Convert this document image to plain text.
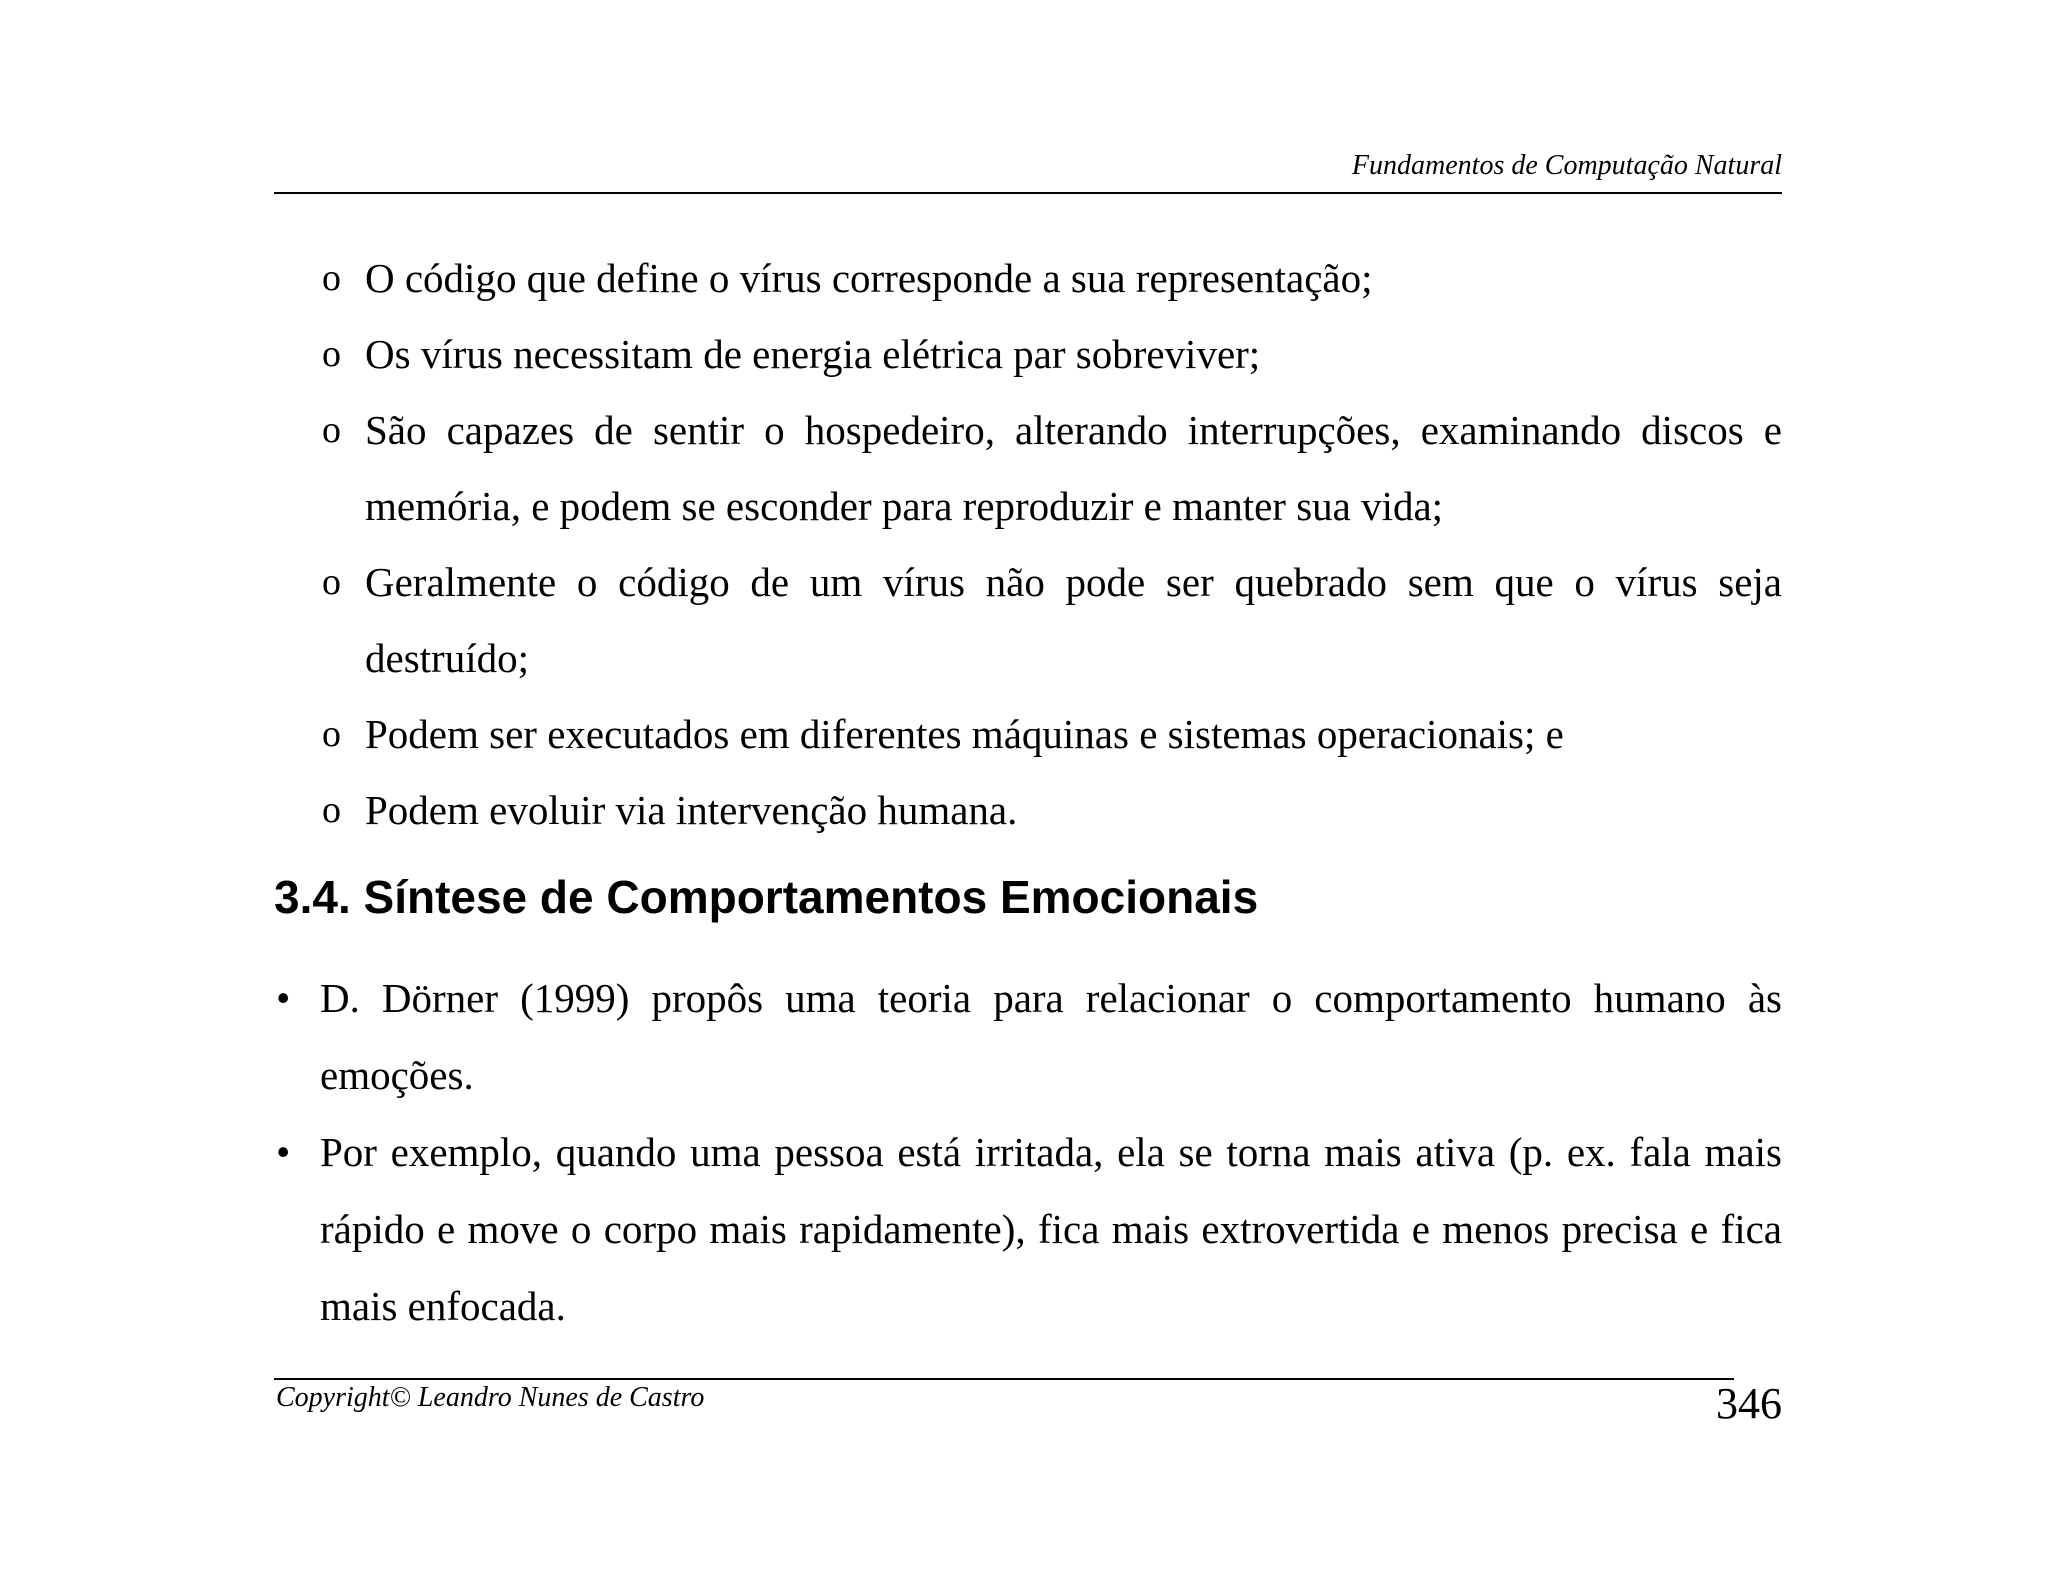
Fundamentos de Computação Natural
o O código que define o vírus corresponde a sua representação;
o Os vírus necessitam de energia elétrica par sobreviver;
o São capazes de sentir o hospedeiro, alterando interrupções, examinando discos e memória, e podem se esconder para reproduzir e manter sua vida;
o Geralmente o código de um vírus não pode ser quebrado sem que o vírus seja destruído;
o Podem ser executados em diferentes máquinas e sistemas operacionais; e
o Podem evoluir via intervenção humana.
3.4. Síntese de Comportamentos Emocionais
• D. Dörner (1999) propôs uma teoria para relacionar o comportamento humano às emoções.
• Por exemplo, quando uma pessoa está irritada, ela se torna mais ativa (p. ex. fala mais rápido e move o corpo mais rapidamente), fica mais extrovertida e menos precisa e fica mais enfocada.
Copyright© Leandro Nunes de Castro	346
